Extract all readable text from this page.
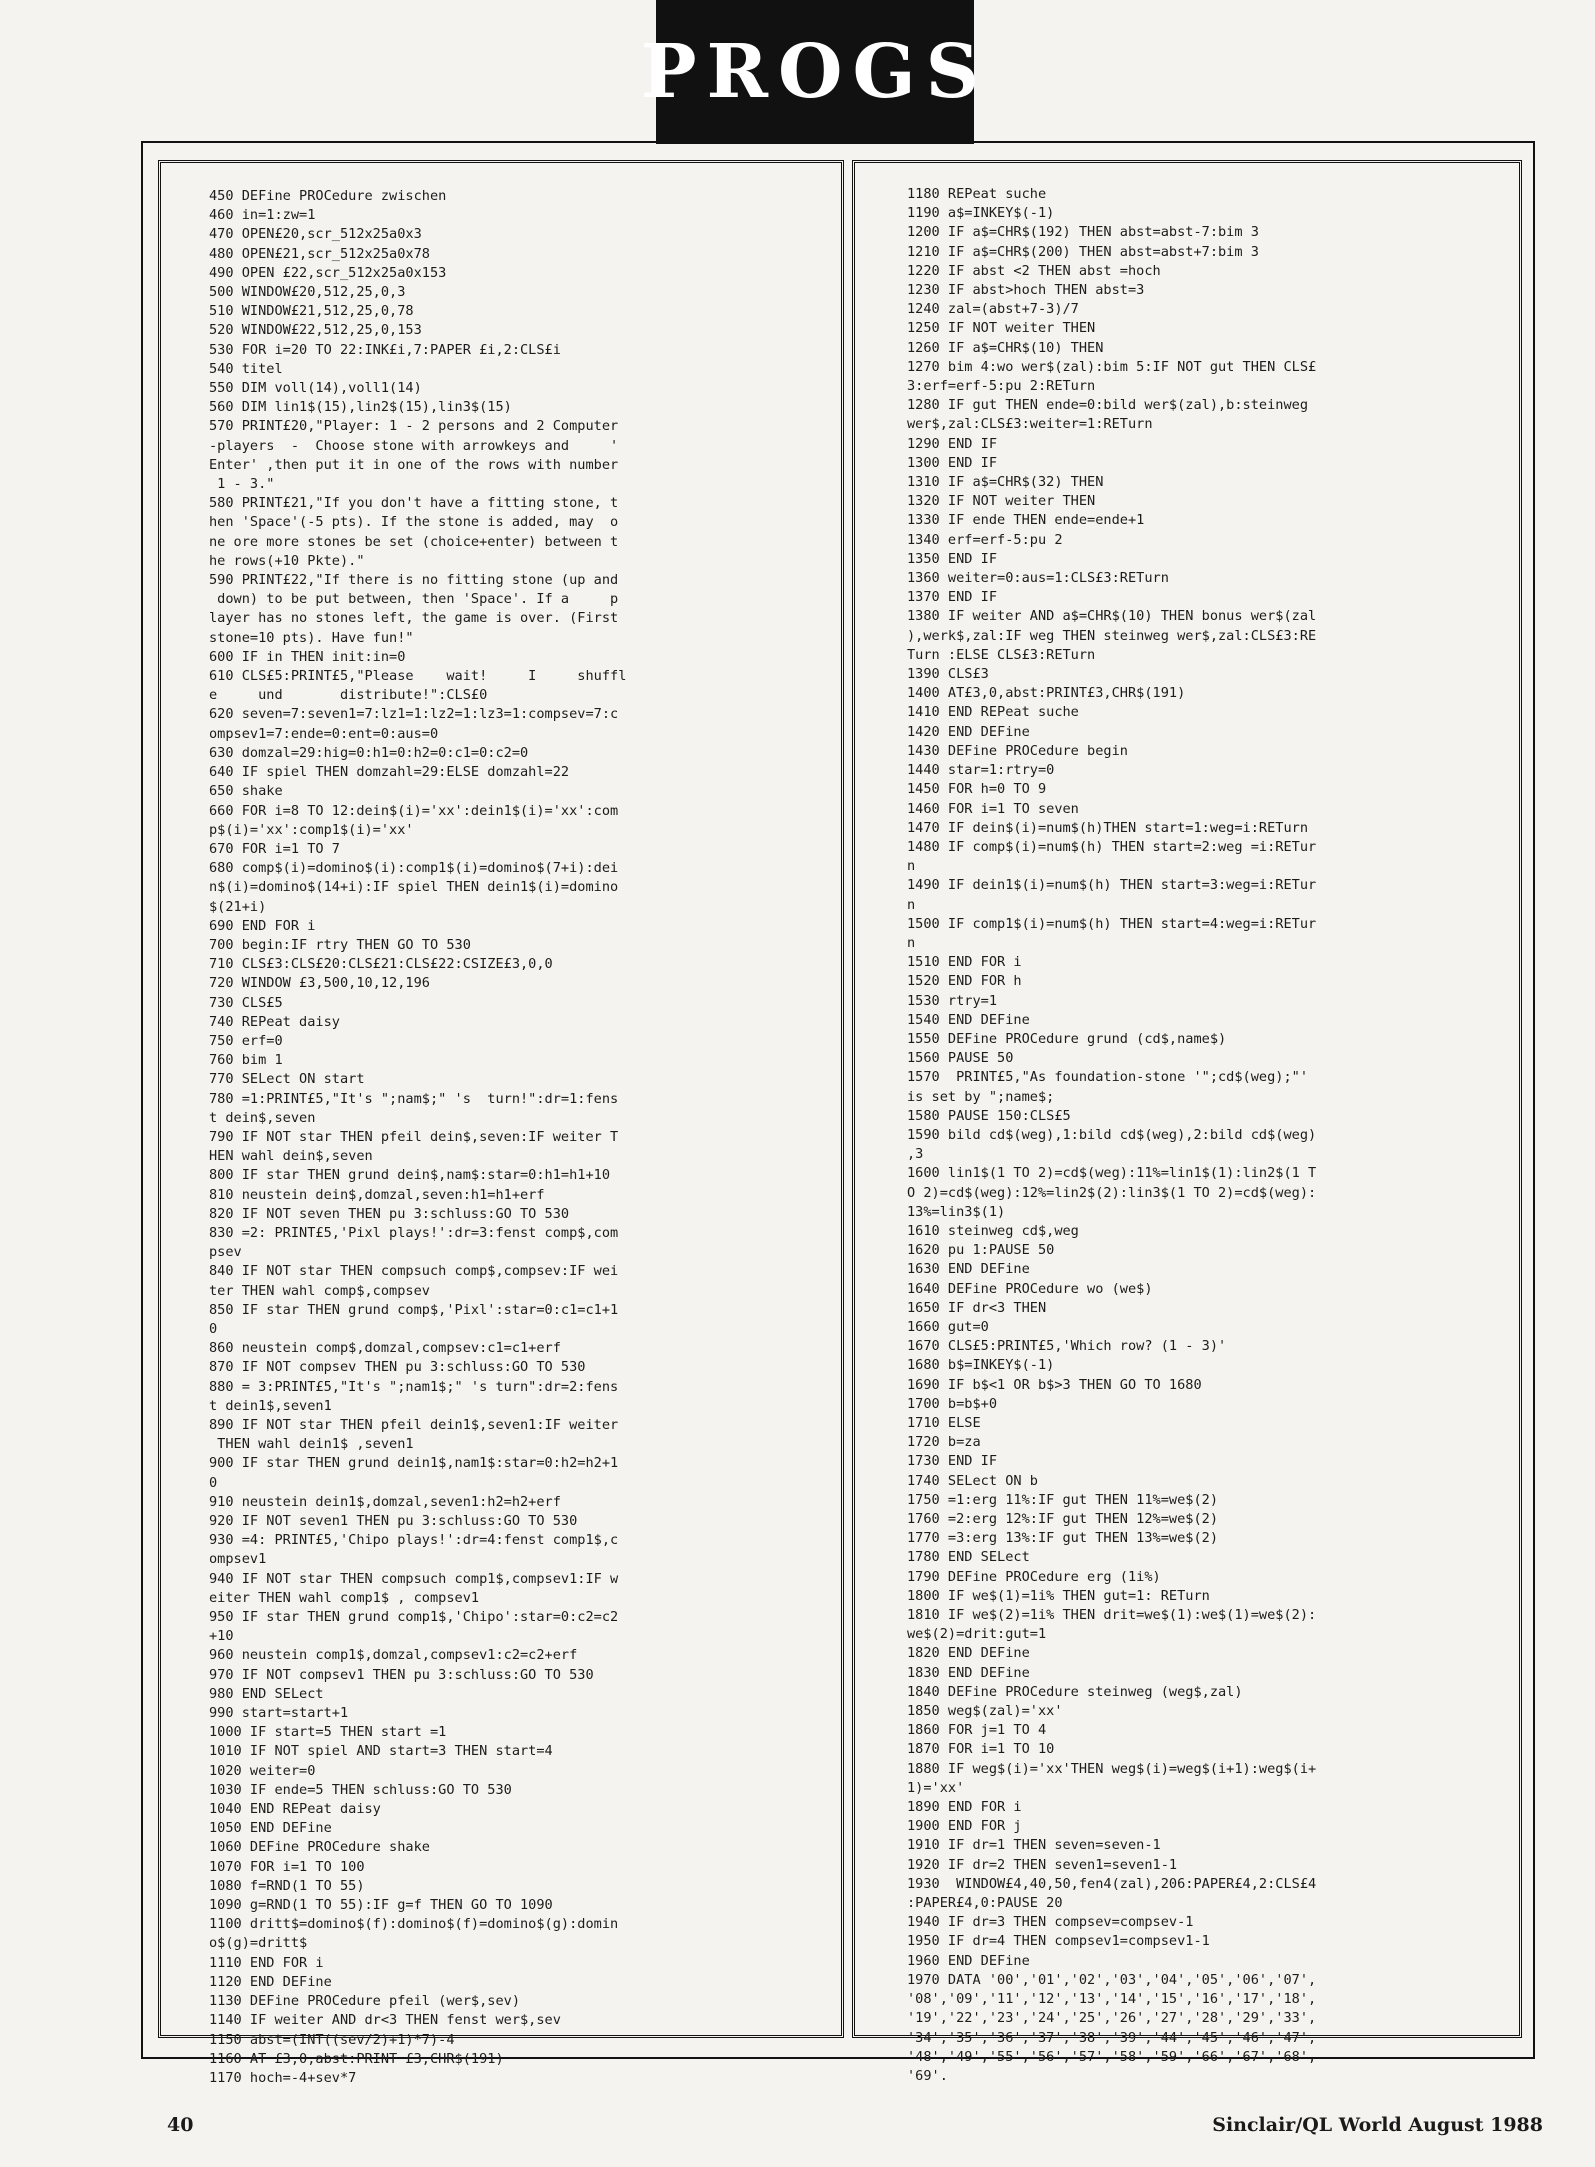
PROGS
450 DEFine PROCedure zwischen
460 in=1:zw=1
470 OPEN£20,scr_512x25a0x3
480 OPEN£21,scr_512x25a0x78
490 OPEN £22,scr_512x25a0x153
500 WINDOW£20,512,25,0,3
510 WINDOW£21,512,25,0,78
520 WINDOW£22,512,25,0,153
530 FOR i=20 TO 22:INK£i,7:PAPER £i,2:CLS£i
540 titel
550 DIM voll(14),voll1(14)
560 DIM lin1$(15),lin2$(15),lin3$(15)
570 PRINT£20,"Player: 1 - 2 persons and 2 Computer
-players  -  Choose stone with arrowkeys and     '
Enter' ,then put it in one of the rows with number
1 - 3."
580 PRINT£21,"If you don't have a fitting stone, t
hen 'Space'(-5 pts). If the stone is added, may  o
ne ore more stones be set (choice+enter) between t
he rows(+10 Pkte)."
590 PRINT£22,"If there is no fitting stone (up and
down) to be put between, then 'Space'. If a     p
layer has no stones left, the game is over. (First
stone=10 pts). Have fun!"
600 IF in THEN init:in=0
610 CLS£5:PRINT£5,"Please    wait!     I     shuffl
e     und       distribute!":CLS£0
620 seven=7:seven1=7:lz1=1:lz2=1:lz3=1:compsev=7:c
ompsev1=7:ende=0:ent=0:aus=0
630 domzal=29:hig=0:h1=0:h2=0:c1=0:c2=0
640 IF spiel THEN domzahl=29:ELSE domzahl=22
650 shake
660 FOR i=8 TO 12:dein$(i)='xx':dein1$(i)='xx':com
p$(i)='xx':comp1$(i)='xx'
670 FOR i=1 TO 7
680 comp$(i)=domino$(i):comp1$(i)=domino$(7+i):dei
n$(i)=domino$(14+i):IF spiel THEN dein1$(i)=domino
$(21+i)
690 END FOR i
700 begin:IF rtry THEN GO TO 530
710 CLS£3:CLS£20:CLS£21:CLS£22:CSIZE£3,0,0
720 WINDOW £3,500,10,12,196
730 CLS£5
740 REPeat daisy
750 erf=0
760 bim 1
770 SELect ON start
780 =1:PRINT£5,"It's ";nam$;" 's  turn!":dr=1:fens
t dein$,seven
790 IF NOT star THEN pfeil dein$,seven:IF weiter T
HEN wahl dein$,seven
800 IF star THEN grund dein$,nam$:star=0:h1=h1+10
810 neustein dein$,domzal,seven:h1=h1+erf
820 IF NOT seven THEN pu 3:schluss:GO TO 530
830 =2: PRINT£5,'Pixl plays!':dr=3:fenst comp$,com
psev
840 IF NOT star THEN compsuch comp$,compsev:IF wei
ter THEN wahl comp$,compsev
850 IF star THEN grund comp$,'Pixl':star=0:c1=c1+1
0
860 neustein comp$,domzal,compsev:c1=c1+erf
870 IF NOT compsev THEN pu 3:schluss:GO TO 530
880 = 3:PRINT£5,"It's ";nam1$;" 's turn":dr=2:fens
t dein1$,seven1
890 IF NOT star THEN pfeil dein1$,seven1:IF weiter
THEN wahl dein1$ ,seven1
900 IF star THEN grund dein1$,nam1$:star=0:h2=h2+1
0
910 neustein dein1$,domzal,seven1:h2=h2+erf
920 IF NOT seven1 THEN pu 3:schluss:GO TO 530
930 =4: PRINT£5,'Chipo plays!':dr=4:fenst comp1$,c
ompsev1
940 IF NOT star THEN compsuch comp1$,compsev1:IF w
eiter THEN wahl comp1$ , compsev1
950 IF star THEN grund comp1$,'Chipo':star=0:c2=c2
+10
960 neustein comp1$,domzal,compsev1:c2=c2+erf
970 IF NOT compsev1 THEN pu 3:schluss:GO TO 530
980 END SELect
990 start=start+1
1000 IF start=5 THEN start =1
1010 IF NOT spiel AND start=3 THEN start=4
1020 weiter=0
1030 IF ende=5 THEN schluss:GO TO 530
1040 END REPeat daisy
1050 END DEFine
1060 DEFine PROCedure shake
1070 FOR i=1 TO 100
1080 f=RND(1 TO 55)
1090 g=RND(1 TO 55):IF g=f THEN GO TO 1090
1100 dritt$=domino$(f):domino$(f)=domino$(g):domin
o$(g)=dritt$
1110 END FOR i
1120 END DEFine
1130 DEFine PROCedure pfeil (wer$,sev)
1140 IF weiter AND dr<3 THEN fenst wer$,sev
1150 abst=(INT((sev/2)+1)*7)-4
1160 AT £3,0,abst:PRINT £3,CHR$(191)
1170 hoch=-4+sev*7
1180 REPeat suche
1190 a$=INKEY$(-1)
1200 IF a$=CHR$(192) THEN abst=abst-7:bim 3
1210 IF a$=CHR$(200) THEN abst=abst+7:bim 3
1220 IF abst <2 THEN abst =hoch
1230 IF abst>hoch THEN abst=3
1240 zal=(abst+7-3)/7
1250 IF NOT weiter THEN
1260 IF a$=CHR$(10) THEN
1270 bim 4:wo wer$(zal):bim 5:IF NOT gut THEN CLS£
3:erf=erf-5:pu 2:RETurn
1280 IF gut THEN ende=0:bild wer$(zal),b:steinweg
wer$,zal:CLS£3:weiter=1:RETurn
1290 END IF
1300 END IF
1310 IF a$=CHR$(32) THEN
1320 IF NOT weiter THEN
1330 IF ende THEN ende=ende+1
1340 erf=erf-5:pu 2
1350 END IF
1360 weiter=0:aus=1:CLS£3:RETurn
1370 END IF
1380 IF weiter AND a$=CHR$(10) THEN bonus wer$(zal
),werk$,zal:IF weg THEN steinweg wer$,zal:CLS£3:RE
Turn :ELSE CLS£3:RETurn
1390 CLS£3
1400 AT£3,0,abst:PRINT£3,CHR$(191)
1410 END REPeat suche
1420 END DEFine
1430 DEFine PROCedure begin
1440 star=1:rtry=0
1450 FOR h=0 TO 9
1460 FOR i=1 TO seven
1470 IF dein$(i)=num$(h)THEN start=1:weg=i:RETurn
1480 IF comp$(i)=num$(h) THEN start=2:weg =i:RETur
n
1490 IF dein1$(i)=num$(h) THEN start=3:weg=i:RETur
n
1500 IF comp1$(i)=num$(h) THEN start=4:weg=i:RETur
n
1510 END FOR i
1520 END FOR h
1530 rtry=1
1540 END DEFine
1550 DEFine PROCedure grund (cd$,name$)
1560 PAUSE 50
1570  PRINT£5,"As foundation-stone '";cd$(weg);"'
is set by ";name$;
1580 PAUSE 150:CLS£5
1590 bild cd$(weg),1:bild cd$(weg),2:bild cd$(weg)
,3
1600 lin1$(1 TO 2)=cd$(weg):11%=lin1$(1):lin2$(1 T
O 2)=cd$(weg):12%=lin2$(2):lin3$(1 TO 2)=cd$(weg):
13%=lin3$(1)
1610 steinweg cd$,weg
1620 pu 1:PAUSE 50
1630 END DEFine
1640 DEFine PROCedure wo (we$)
1650 IF dr<3 THEN
1660 gut=0
1670 CLS£5:PRINT£5,'Which row? (1 - 3)'
1680 b$=INKEY$(-1)
1690 IF b$<1 OR b$>3 THEN GO TO 1680
1700 b=b$+0
1710 ELSE
1720 b=za
1730 END IF
1740 SELect ON b
1750 =1:erg 11%:IF gut THEN 11%=we$(2)
1760 =2:erg 12%:IF gut THEN 12%=we$(2)
1770 =3:erg 13%:IF gut THEN 13%=we$(2)
1780 END SELect
1790 DEFine PROCedure erg (1i%)
1800 IF we$(1)=1i% THEN gut=1: RETurn
1810 IF we$(2)=1i% THEN drit=we$(1):we$(1)=we$(2):
we$(2)=drit:gut=1
1820 END DEFine
1830 END DEFine
1840 DEFine PROCedure steinweg (weg$,zal)
1850 weg$(zal)='xx'
1860 FOR j=1 TO 4
1870 FOR i=1 TO 10
1880 IF weg$(i)='xx'THEN weg$(i)=weg$(i+1):weg$(i+
1)='xx'
1890 END FOR i
1900 END FOR j
1910 IF dr=1 THEN seven=seven-1
1920 IF dr=2 THEN seven1=seven1-1
1930  WINDOW£4,40,50,fen4(zal),206:PAPER£4,2:CLS£4
:PAPER£4,0:PAUSE 20
1940 IF dr=3 THEN compsev=compsev-1
1950 IF dr=4 THEN compsev1=compsev1-1
1960 END DEFine
1970 DATA '00','01','02','03','04','05','06','07',
'08','09','11','12','13','14','15','16','17','18',
'19','22','23','24','25','26','27','28','29','33',
'34','35','36','37','38','39','44','45','46','47',
'48','49','55','56','57','58','59','66','67','68',
'69'.
40	Sinclair/QL World August 1988
